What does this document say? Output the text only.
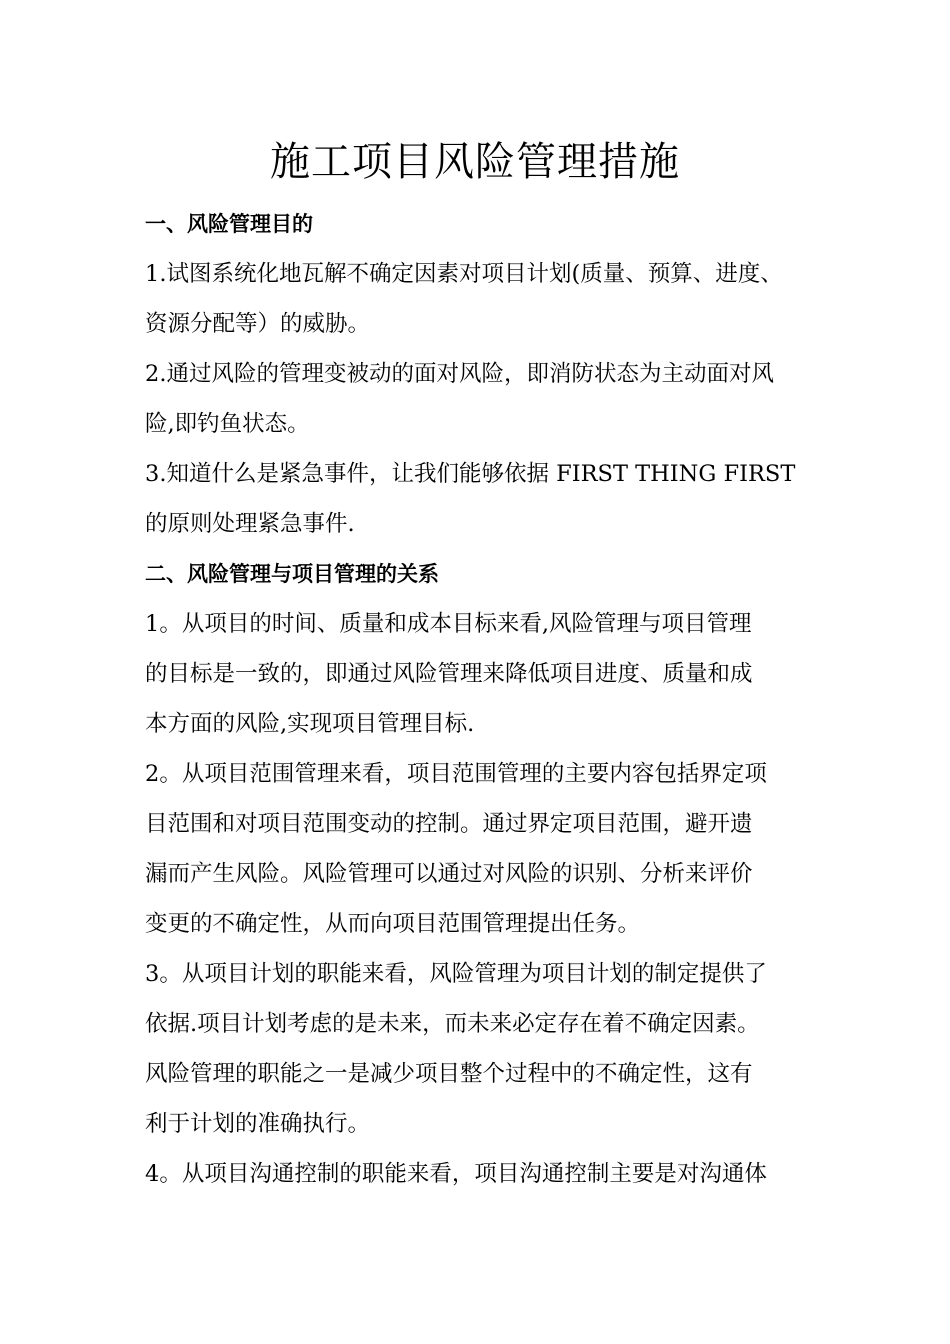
施工项目风险管理措施

一、风险管理目的

1.试图系统化地瓦解不确定因素对项目计划(质量、预算、进度、

资源分配等）的威胁。

2.通过风险的管理变被动的面对风险，即消防状态为主动面对风

险,即钓鱼状态。

3.知道什么是紧急事件，让我们能够依据 FIRST THING FIRST

的原则处理紧急事件.

二、风险管理与项目管理的关系

1。从项目的时间、质量和成本目标来看,风险管理与项目管理

的目标是一致的，即通过风险管理来降低项目进度、质量和成

本方面的风险,实现项目管理目标.

2。从项目范围管理来看，项目范围管理的主要内容包括界定项

目范围和对项目范围变动的控制。通过界定项目范围，避开遗

漏而产生风险。风险管理可以通过对风险的识别、分析来评价

变更的不确定性，从而向项目范围管理提出任务。

3。从项目计划的职能来看，风险管理为项目计划的制定提供了

依据.项目计划考虑的是未来，而未来必定存在着不确定因素。

风险管理的职能之一是减少项目整个过程中的不确定性，这有

利于计划的准确执行。

4。从项目沟通控制的职能来看，项目沟通控制主要是对沟通体
